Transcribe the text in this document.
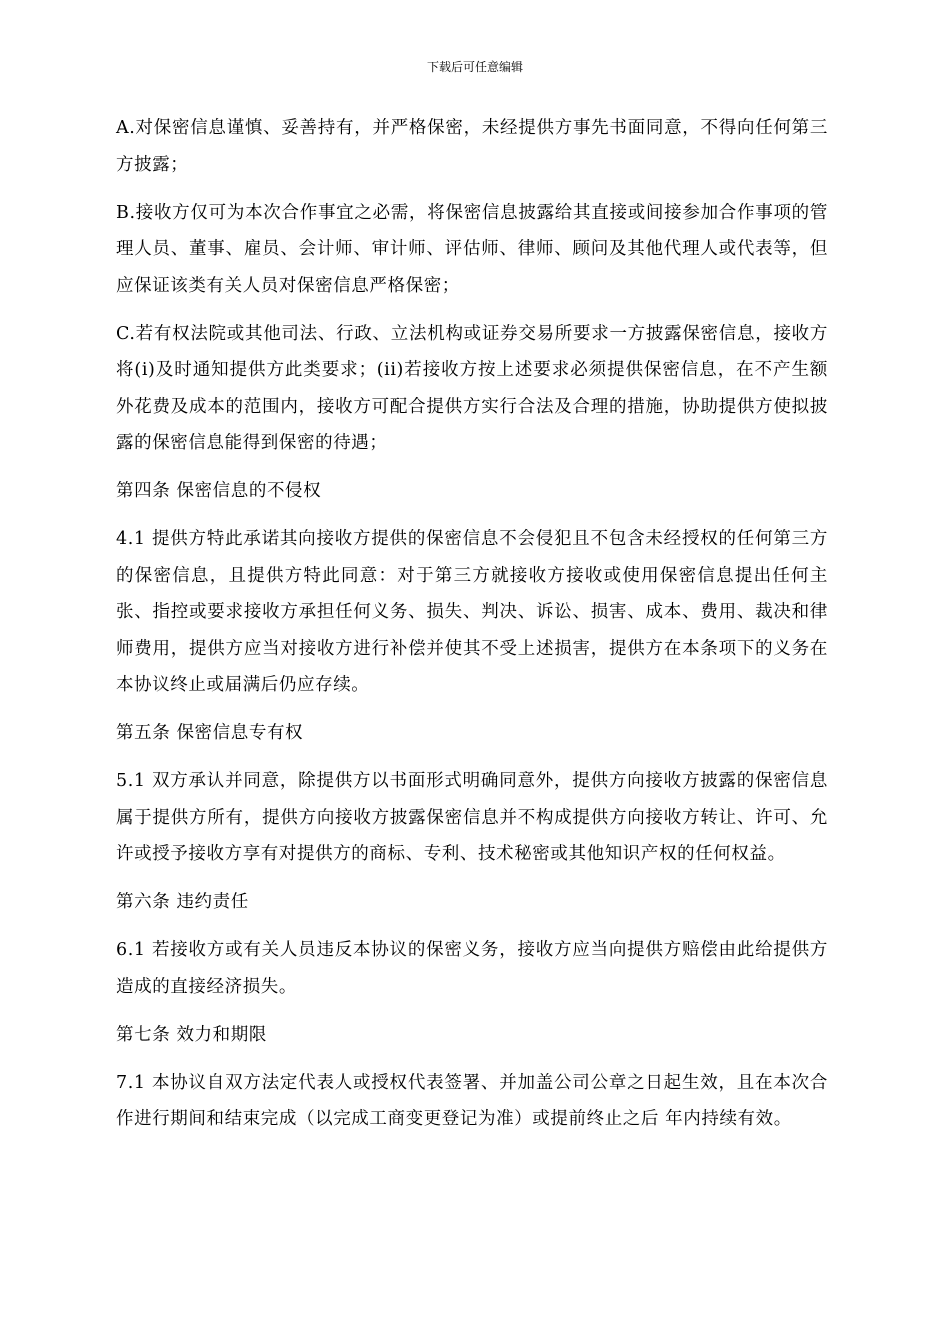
下载后可任意编辑

A.对保密信息谨慎、妥善持有，并严格保密，未经提供方事先书面同意，不得向任何第三方披露；

B.接收方仅可为本次合作事宜之必需，将保密信息披露给其直接或间接参加合作事项的管理人员、董事、雇员、会计师、审计师、评估师、律师、顾问及其他代理人或代表等，但应保证该类有关人员对保密信息严格保密；

C.若有权法院或其他司法、行政、立法机构或证券交易所要求一方披露保密信息，接收方将(i)及时通知提供方此类要求；(ii)若接收方按上述要求必须提供保密信息，在不产生额外花费及成本的范围内，接收方可配合提供方实行合法及合理的措施，协助提供方使拟披露的保密信息能得到保密的待遇；

第四条 保密信息的不侵权

4.1 提供方特此承诺其向接收方提供的保密信息不会侵犯且不包含未经授权的任何第三方的保密信息，且提供方特此同意：对于第三方就接收方接收或使用保密信息提出任何主张、指控或要求接收方承担任何义务、损失、判决、诉讼、损害、成本、费用、裁决和律师费用，提供方应当对接收方进行补偿并使其不受上述损害，提供方在本条项下的义务在本协议终止或届满后仍应存续。

第五条 保密信息专有权

5.1 双方承认并同意，除提供方以书面形式明确同意外，提供方向接收方披露的保密信息属于提供方所有，提供方向接收方披露保密信息并不构成提供方向接收方转让、许可、允许或授予接收方享有对提供方的商标、专利、技术秘密或其他知识产权的任何权益。

第六条 违约责任

6.1 若接收方或有关人员违反本协议的保密义务，接收方应当向提供方赔偿由此给提供方造成的直接经济损失。

第七条 效力和期限

7.1 本协议自双方法定代表人或授权代表签署、并加盖公司公章之日起生效，且在本次合作进行期间和结束完成（以完成工商变更登记为准）或提前终止之后 年内持续有效。
